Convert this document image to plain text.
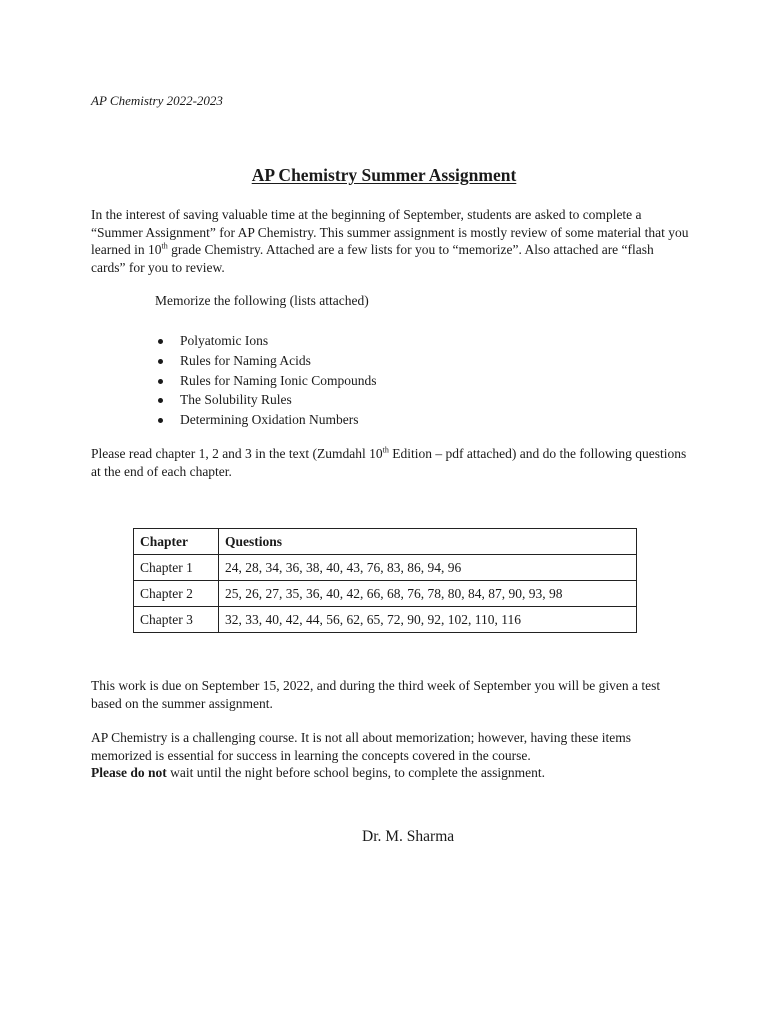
AP Chemistry 2022-2023
AP Chemistry Summer Assignment
In the interest of saving valuable time at the beginning of September, students are asked to complete a “Summer Assignment” for AP Chemistry. This summer assignment is mostly review of some material that you learned in 10th grade Chemistry. Attached are a few lists for you to “memorize”. Also attached are “flash cards” for you to review.
Memorize the following (lists attached)
Polyatomic Ions
Rules for Naming Acids
Rules for Naming Ionic Compounds
The Solubility Rules
Determining Oxidation Numbers
Please read chapter 1, 2 and 3 in the text (Zumdahl 10th Edition – pdf attached) and do the following questions at the end of each chapter.
Chapter	Questions
Chapter 1	24, 28, 34, 36, 38, 40, 43, 76, 83, 86, 94, 96
Chapter 2	25, 26, 27, 35, 36, 40, 42, 66, 68, 76, 78, 80, 84, 87, 90, 93, 98
Chapter 3	32, 33, 40, 42, 44, 56, 62, 65, 72, 90, 92, 102, 110, 116
This work is due on September 15, 2022, and during the third week of September you will be given a test based on the summer assignment.
AP Chemistry is a challenging course. It is not all about memorization; however, having these items memorized is essential for success in learning the concepts covered in the course.
Please do not wait until the night before school begins, to complete the assignment.
Dr. M. Sharma
